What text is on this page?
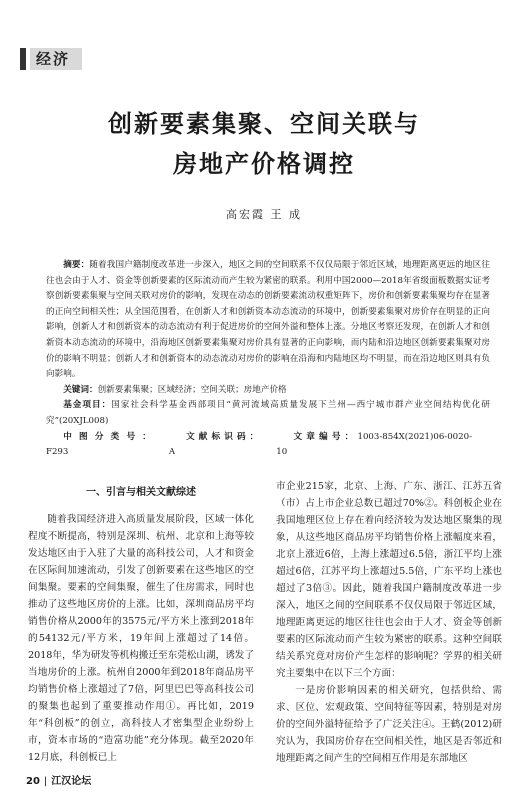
经济
创新要素集聚、空间关联与
房地产价格调控
高宏霞 王 成

摘要：随着我国户籍制度改革进一步深入，地区之间的空间联系不仅仅局限于邻近区域，地理距离更远的地区往往也会由于人才、资金等创新要素的区际流动而产生较为紧密的联系。利用中国2000—2018年省级面板数据实证考察创新要素集聚与空间关联对房价的影响，发现在动态的创新要素流动权重矩阵下，房价和创新要素集聚均存在显著的正向空间相关性；从全国范围看，在创新人才和创新资本动态流动的环境中，创新要素集聚对房价存在明显的正向影响，创新人才和创新资本的动态流动有利于促进房价的空间外溢和整体上涨。分地区考察还发现，在创新人才和创新资本动态流动的环境中，沿海地区创新要素集聚对房价具有显著的正向影响，而内陆和沿边地区创新要素集聚对房价的影响不明显；创新人才和创新资本的动态流动对房价的影响在沿海和内陆地区均不明显，而在沿边地区则具有负向影响。

关键词：创新要素集聚；区域经济；空间关联；房地产价格

基金项目：国家社会科学基金西部项目“黄河流域高质量发展下兰州—西宁城市群产业空间结构优化研究”(20XJL008)

中图分类号：F293
文献标识码：A
文章编号：1003-854X(2021)06-0020-10

一、引言与相关文献综述

随着我国经济进入高质量发展阶段，区域一体化程度不断提高，特别是深圳、杭州、北京和上海等较发达地区由于入驻了大量的高科技公司，人才和资金在区际间加速流动，引发了创新要素在这些地区的空间集聚。要素的空间集聚，催生了住房需求，同时也推动了这些地区房价的上涨。比如，深圳商品房平均销售价格从2000年的3575元/平方米上涨到2018年的54132元/平方米，19年间上涨超过了14倍。2018年，华为研发等机构搬迁至东莞松山湖，诱发了当地房价的上涨。杭州自2000年到2018年商品房平均销售价格上涨超过了7倍，阿里巴巴等高科技公司的聚集也起到了重要推动作用①。再比如，2019年“科创板”的创立，高科技人才密集型企业纷纷上市，资本市场的“造富功能”充分体现。截至2020年12月底，科创板已上

市企业215家，北京、上海、广东、浙江、江苏五省（市）占上市企业总数已超过70%②。科创板企业在我国地理区位上存在着向经济较为发达地区聚集的现象，从这些地区商品房平均销售价格上涨幅度来看，北京上涨近6倍，上海上涨超过6.5倍，浙江平均上涨超过6倍，江苏平均上涨超过5.5倍，广东平均上涨也超过了3倍③。因此，随着我国户籍制度改革进一步深入，地区之间的空间联系不仅仅局限于邻近区域，地理距离更远的地区往往也会由于人才、资金等创新要素的区际流动而产生较为紧密的联系。这种空间联结关系究竟对房价产生怎样的影响呢？学界的相关研究主要集中在以下三个方面：

一是房价影响因素的相关研究，包括供给、需求、区位、宏观政策、空间特征等因素，特别是对房价的空间外溢特征给予了广泛关注④。王鹤(2012)研究认为，我国房价存在空间相关性，地区是否邻近和地理距离之间产生的空间相互作用是东部地区

20 | 江汉论坛
